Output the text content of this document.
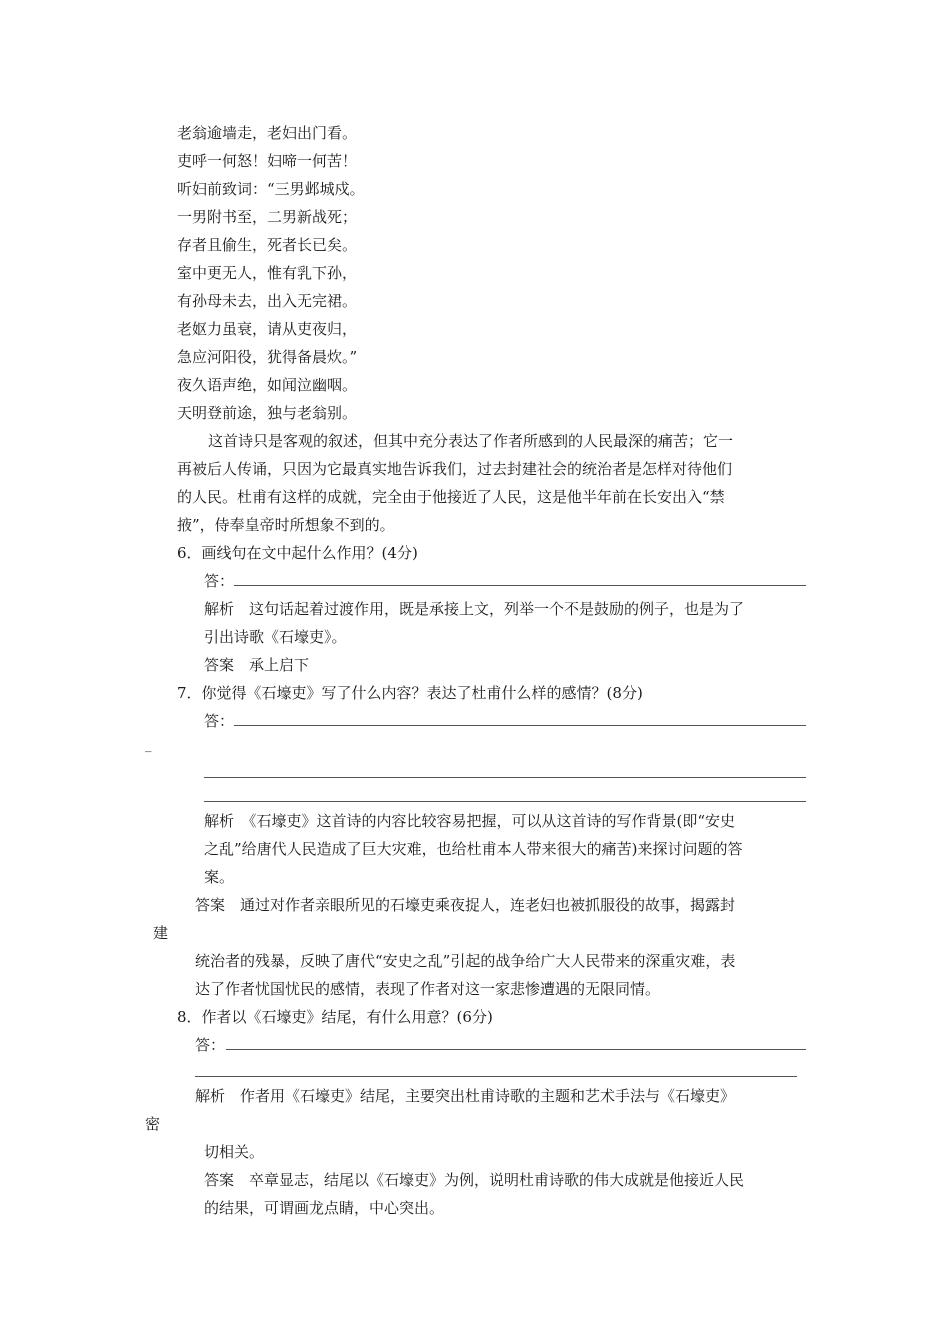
老翁逾墙走，老妇出门看。
吏呼一何怒！妇啼一何苦！
听妇前致词：“三男邺城戍。
一男附书至，二男新战死；
存者且偷生，死者长已矣。
室中更无人，惟有乳下孙，
有孙母未去，出入无完裙。
老妪力虽衰，请从吏夜归，
急应河阳役，犹得备晨炊。”
夜久语声绝，如闻泣幽咽。
天明登前途，独与老翁别。
这首诗只是客观的叙述，但其中充分表达了作者所感到的人民最深的痛苦；它一
再被后人传诵，只因为它最真实地告诉我们，过去封建社会的统治者是怎样对待他们
的人民。杜甫有这样的成就，完全由于他接近了人民，这是他半年前在长安出入“禁
掖”，侍奉皇帝时所想象不到的。
6．画线句在文中起什么作用？(4分)
答：
解析　这句话起着过渡作用，既是承接上文，列举一个不是鼓励的例子，也是为了
引出诗歌《石壕吏》。
答案　承上启下
7．你觉得《石壕吏》写了什么内容？表达了杜甫什么样的感情？(8分)
答：
_
解析　《石壕吏》这首诗的内容比较容易把握，可以从这首诗的写作背景(即“安史
之乱”给唐代人民造成了巨大灾难，也给杜甫本人带来很大的痛苦)来探讨问题的答
案。
答案　通过对作者亲眼所见的石壕吏乘夜捉人，连老妇也被抓服役的故事，揭露封
建
统治者的残暴，反映了唐代“安史之乱”引起的战争给广大人民带来的深重灾难，表
达了作者忧国忧民的感情，表现了作者对这一家悲惨遭遇的无限同情。
8．作者以《石壕吏》结尾，有什么用意？(6分)
答：
解析　作者用《石壕吏》结尾，主要突出杜甫诗歌的主题和艺术手法与《石壕吏》
密
切相关。
答案　卒章显志，结尾以《石壕吏》为例，说明杜甫诗歌的伟大成就是他接近人民
的结果，可谓画龙点睛，中心突出。
